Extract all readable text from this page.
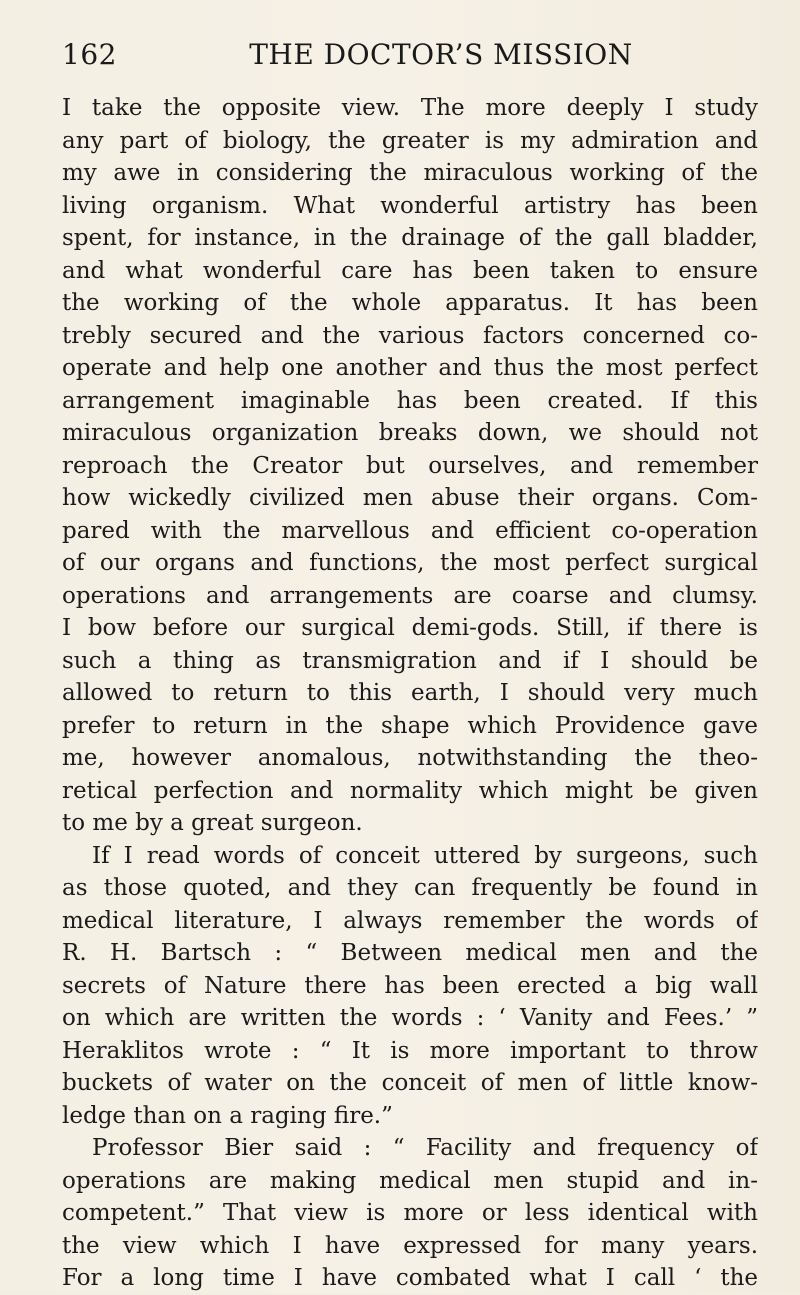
162	THE DOCTOR’S MISSION
I take the opposite view. The more deeply I study
any part of biology, the greater is my admiration and
my awe in considering the miraculous working of the
living organism. What wonderful artistry has been
spent, for instance, in the drainage of the gall bladder,
and what wonderful care has been taken to ensure
the working of the whole apparatus. It has been
trebly secured and the various factors concerned co-
operate and help one another and thus the most perfect
arrangement imaginable has been created. If this
miraculous organization breaks down, we should not
reproach the Creator but ourselves, and remember
how wickedly civilized men abuse their organs. Com-
pared with the marvellous and efficient co-operation
of our organs and functions, the most perfect surgical
operations and arrangements are coarse and clumsy.
I bow before our surgical demi-gods. Still, if there is
such a thing as transmigration and if I should be
allowed to return to this earth, I should very much
prefer to return in the shape which Providence gave
me, however anomalous, notwithstanding the theo-
retical perfection and normality which might be given
to me by a great surgeon.
If I read words of conceit uttered by surgeons, such
as those quoted, and they can frequently be found in
medical literature, I always remember the words of
R. H. Bartsch : “ Between medical men and the
secrets of Nature there has been erected a big wall
on which are written the words : ‘ Vanity and Fees.’ ”
Heraklitos wrote : “ It is more important to throw
buckets of water on the conceit of men of little know-
ledge than on a raging fire.”
Professor Bier said : “ Facility and frequency of
operations are making medical men stupid and in-
competent.” That view is more or less identical with
the view which I have expressed for many years.
For a long time I have combated what I call ‘ the
